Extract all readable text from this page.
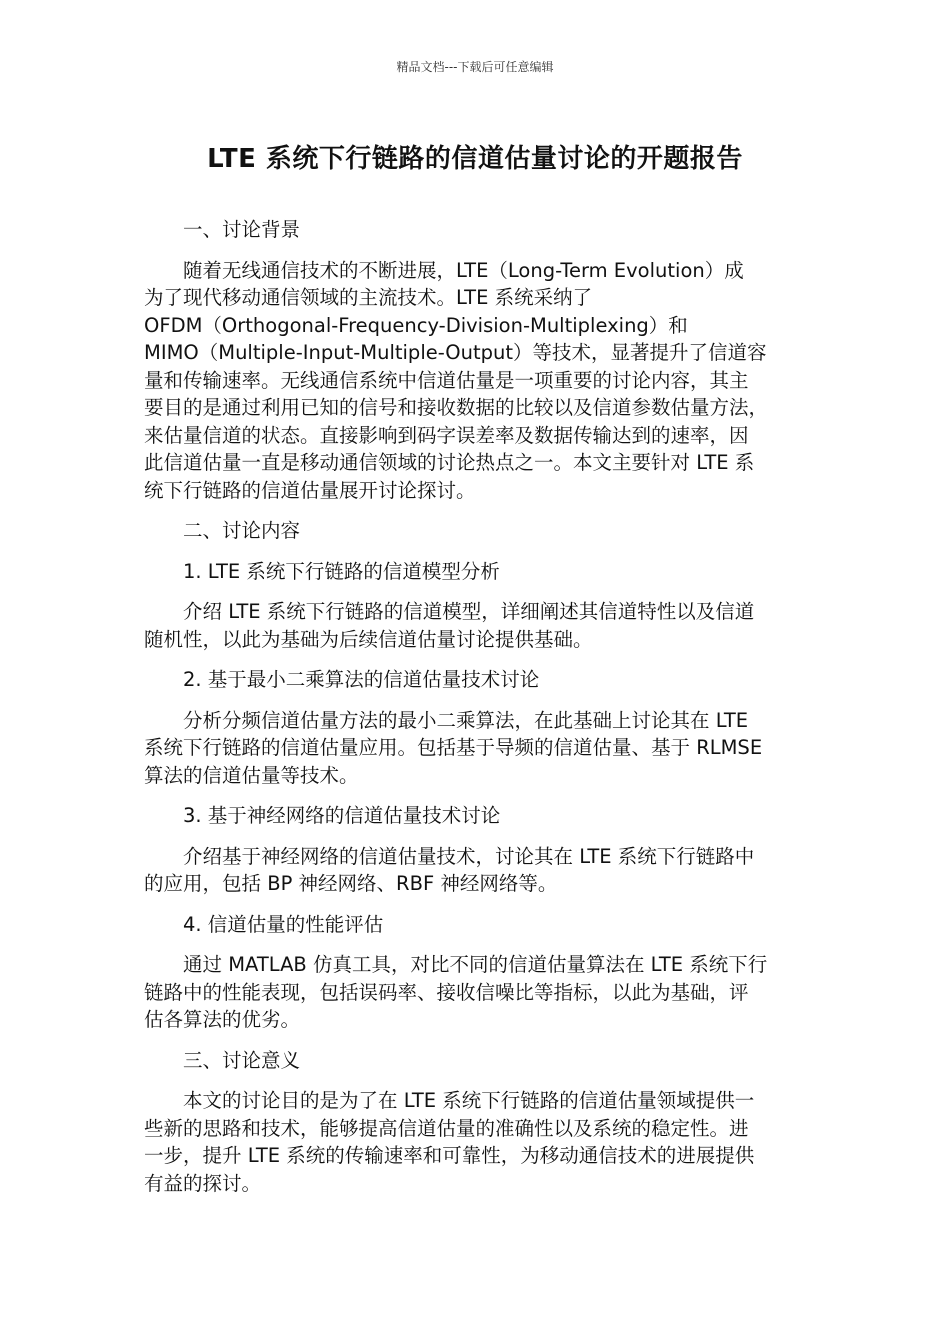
精品文档---下载后可任意编辑
LTE 系统下行链路的信道估量讨论的开题报告

一、讨论背景

随着无线通信技术的不断进展，LTE（Long-Term Evolution）成
为了现代移动通信领域的主流技术。LTE 系统采纳了
OFDM（Orthogonal-Frequency-Division-Multiplexing）和
MIMO（Multiple-Input-Multiple-Output）等技术，显著提升了信道容
量和传输速率。无线通信系统中信道估量是一项重要的讨论内容，其主
要目的是通过利用已知的信号和接收数据的比较以及信道参数估量方法，
来估量信道的状态。直接影响到码字误差率及数据传输达到的速率，因
此信道估量一直是移动通信领域的讨论热点之一。本文主要针对 LTE 系
统下行链路的信道估量展开讨论探讨。

二、讨论内容

1. LTE 系统下行链路的信道模型分析

介绍 LTE 系统下行链路的信道模型，详细阐述其信道特性以及信道
随机性，以此为基础为后续信道估量讨论提供基础。

2. 基于最小二乘算法的信道估量技术讨论

分析分频信道估量方法的最小二乘算法，在此基础上讨论其在 LTE
系统下行链路的信道估量应用。包括基于导频的信道估量、基于 RLMSE
算法的信道估量等技术。

3. 基于神经网络的信道估量技术讨论

介绍基于神经网络的信道估量技术，讨论其在 LTE 系统下行链路中
的应用，包括 BP 神经网络、RBF 神经网络等。

4. 信道估量的性能评估

通过 MATLAB 仿真工具，对比不同的信道估量算法在 LTE 系统下行
链路中的性能表现，包括误码率、接收信噪比等指标，以此为基础，评
估各算法的优劣。

三、讨论意义

本文的讨论目的是为了在 LTE 系统下行链路的信道估量领域提供一
些新的思路和技术，能够提高信道估量的准确性以及系统的稳定性。进
一步，提升 LTE 系统的传输速率和可靠性，为移动通信技术的进展提供
有益的探讨。
